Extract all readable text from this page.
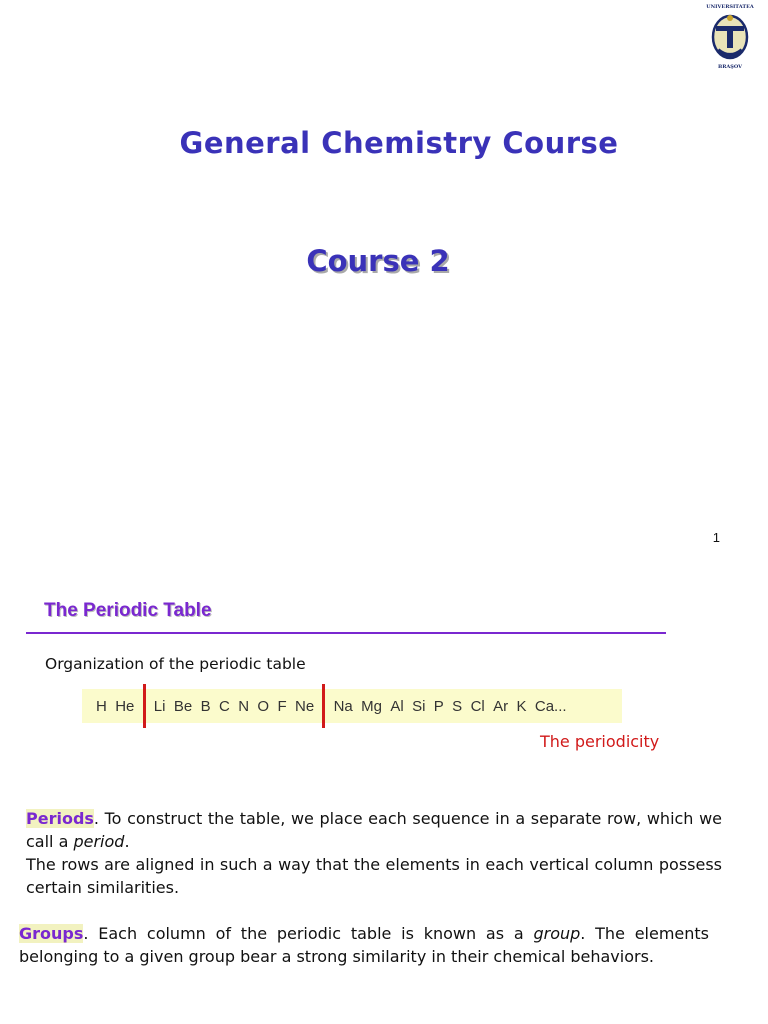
UNIVERSITATEA
BRAŞOV
General Chemistry Course
Course 2
1
The Periodic Table
Organization of the periodic table
H He Li Be B C N O F Ne Na Mg Al Si P S Cl Ar K Ca...
The periodicity
Periods. To construct the table, we place each sequence in a separate row, which we call a period.
The rows are aligned in such a way that the elements in each vertical column possess certain similarities.
Groups. Each column of the periodic table is known as a group. The elements belonging to a given group bear a strong similarity in their chemical behaviors.
